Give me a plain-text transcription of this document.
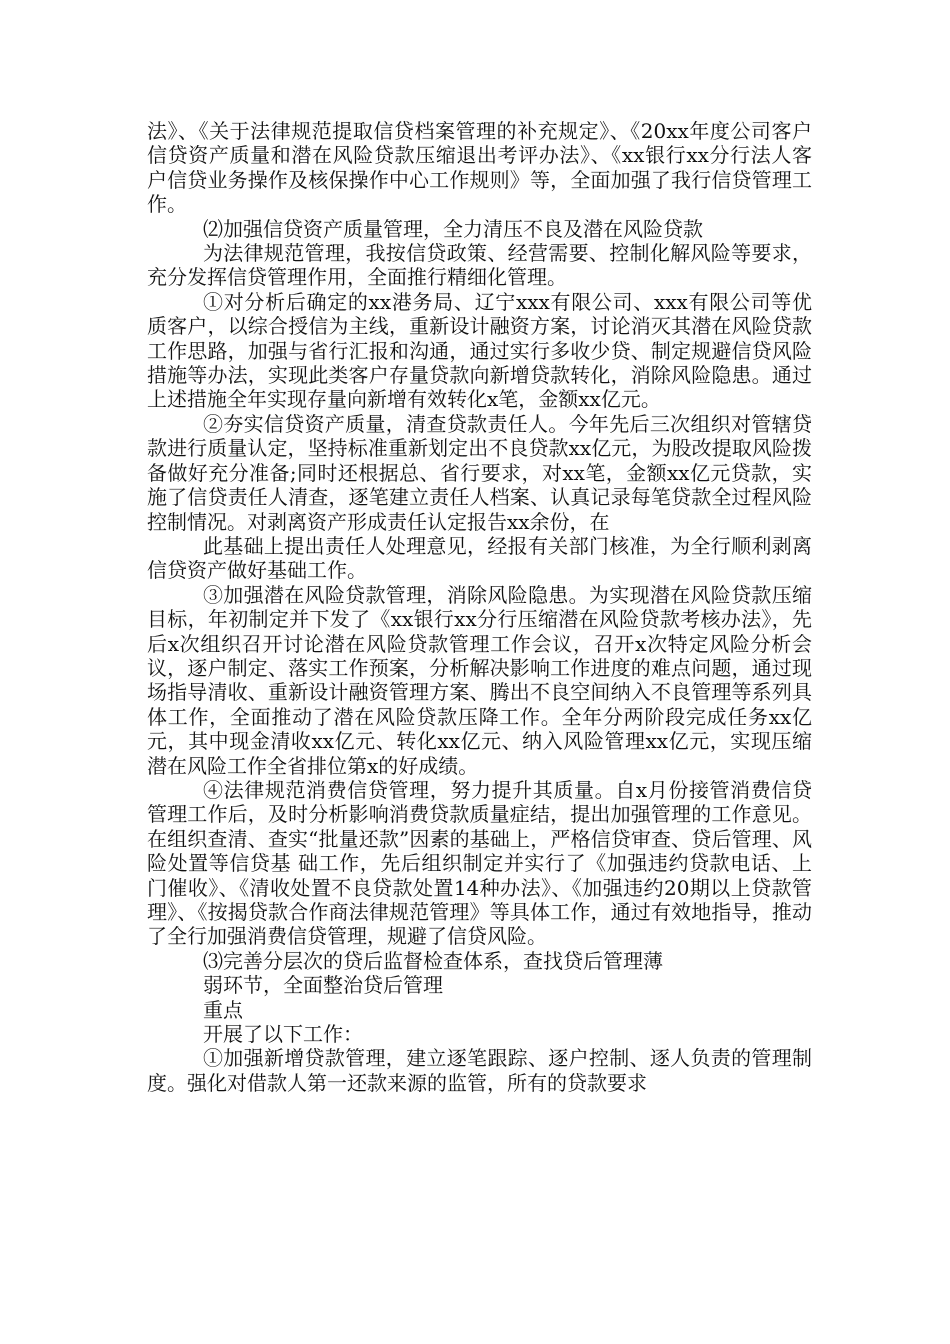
法》、《关于法律规范提取信贷档案管理的补充规定》、《20xx年度公司客户信贷资产质量和潜在风险贷款压缩退出考评办法》、《xx银行xx分行法人客户信贷业务操作及核保操作中心工作规则》等，全面加强了我行信贷管理工作。

⑵加强信贷资产质量管理，全力清压不良及潜在风险贷款

为法律规范管理，我按信贷政策、经营需要、控制化解风险等要求，充分发挥信贷管理作用，全面推行精细化管理。

①对分析后确定的xx港务局、辽宁xxx有限公司、xxx有限公司等优质客户，以综合授信为主线，重新设计融资方案，讨论消灭其潜在风险贷款工作思路，加强与省行汇报和沟通，通过实行多收少贷、制定规避信贷风险措施等办法，实现此类客户存量贷款向新增贷款转化，消除风险隐患。通过上述措施全年实现存量向新增有效转化x笔，金额xx亿元。

②夯实信贷资产质量，清查贷款责任人。今年先后三次组织对管辖贷款进行质量认定，坚持标准重新划定出不良贷款xx亿元，为股改提取风险拨备做好充分准备;同时还根据总、省行要求，对xx笔，金额xx亿元贷款，实施了信贷责任人清查，逐笔建立责任人档案、认真记录每笔贷款全过程风险控制情况。对剥离资产形成责任认定报告xx余份，在

此基础上提出责任人处理意见，经报有关部门核准，为全行顺利剥离信贷资产做好基础工作。

③加强潜在风险贷款管理，消除风险隐患。为实现潜在风险贷款压缩目标，年初制定并下发了《xx银行xx分行压缩潜在风险贷款考核办法》，先后x次组织召开讨论潜在风险贷款管理工作会议，召开x次特定风险分析会议，逐户制定、落实工作预案，分析解决影响工作进度的难点问题，通过现场指导清收、重新设计融资管理方案、腾出不良空间纳入不良管理等系列具体工作，全面推动了潜在风险贷款压降工作。全年分两阶段完成任务xx亿元，其中现金清收xx亿元、转化xx亿元、纳入风险管理xx亿元，实现压缩潜在风险工作全省排位第x的好成绩。

④法律规范消费信贷管理，努力提升其质量。自x月份接管消费信贷管理工作后，及时分析影响消费贷款质量症结，提出加强管理的工作意见。在组织查清、查实“批量还款”因素的基础上，严格信贷审查、贷后管理、风险处置等信贷基 础工作，先后组织制定并实行了《加强违约贷款电话、上门催收》、《清收处置不良贷款处置14种办法》、《加强违约20期以上贷款管理》、《按揭贷款合作商法律规范管理》等具体工作，通过有效地指导，推动了全行加强消费信贷管理，规避了信贷风险。

⑶完善分层次的贷后监督检查体系，查找贷后管理薄

弱环节，全面整治贷后管理

重点

开展了以下工作：

①加强新增贷款管理，建立逐笔跟踪、逐户控制、逐人负责的管理制度。强化对借款人第一还款来源的监管，所有的贷款要求
